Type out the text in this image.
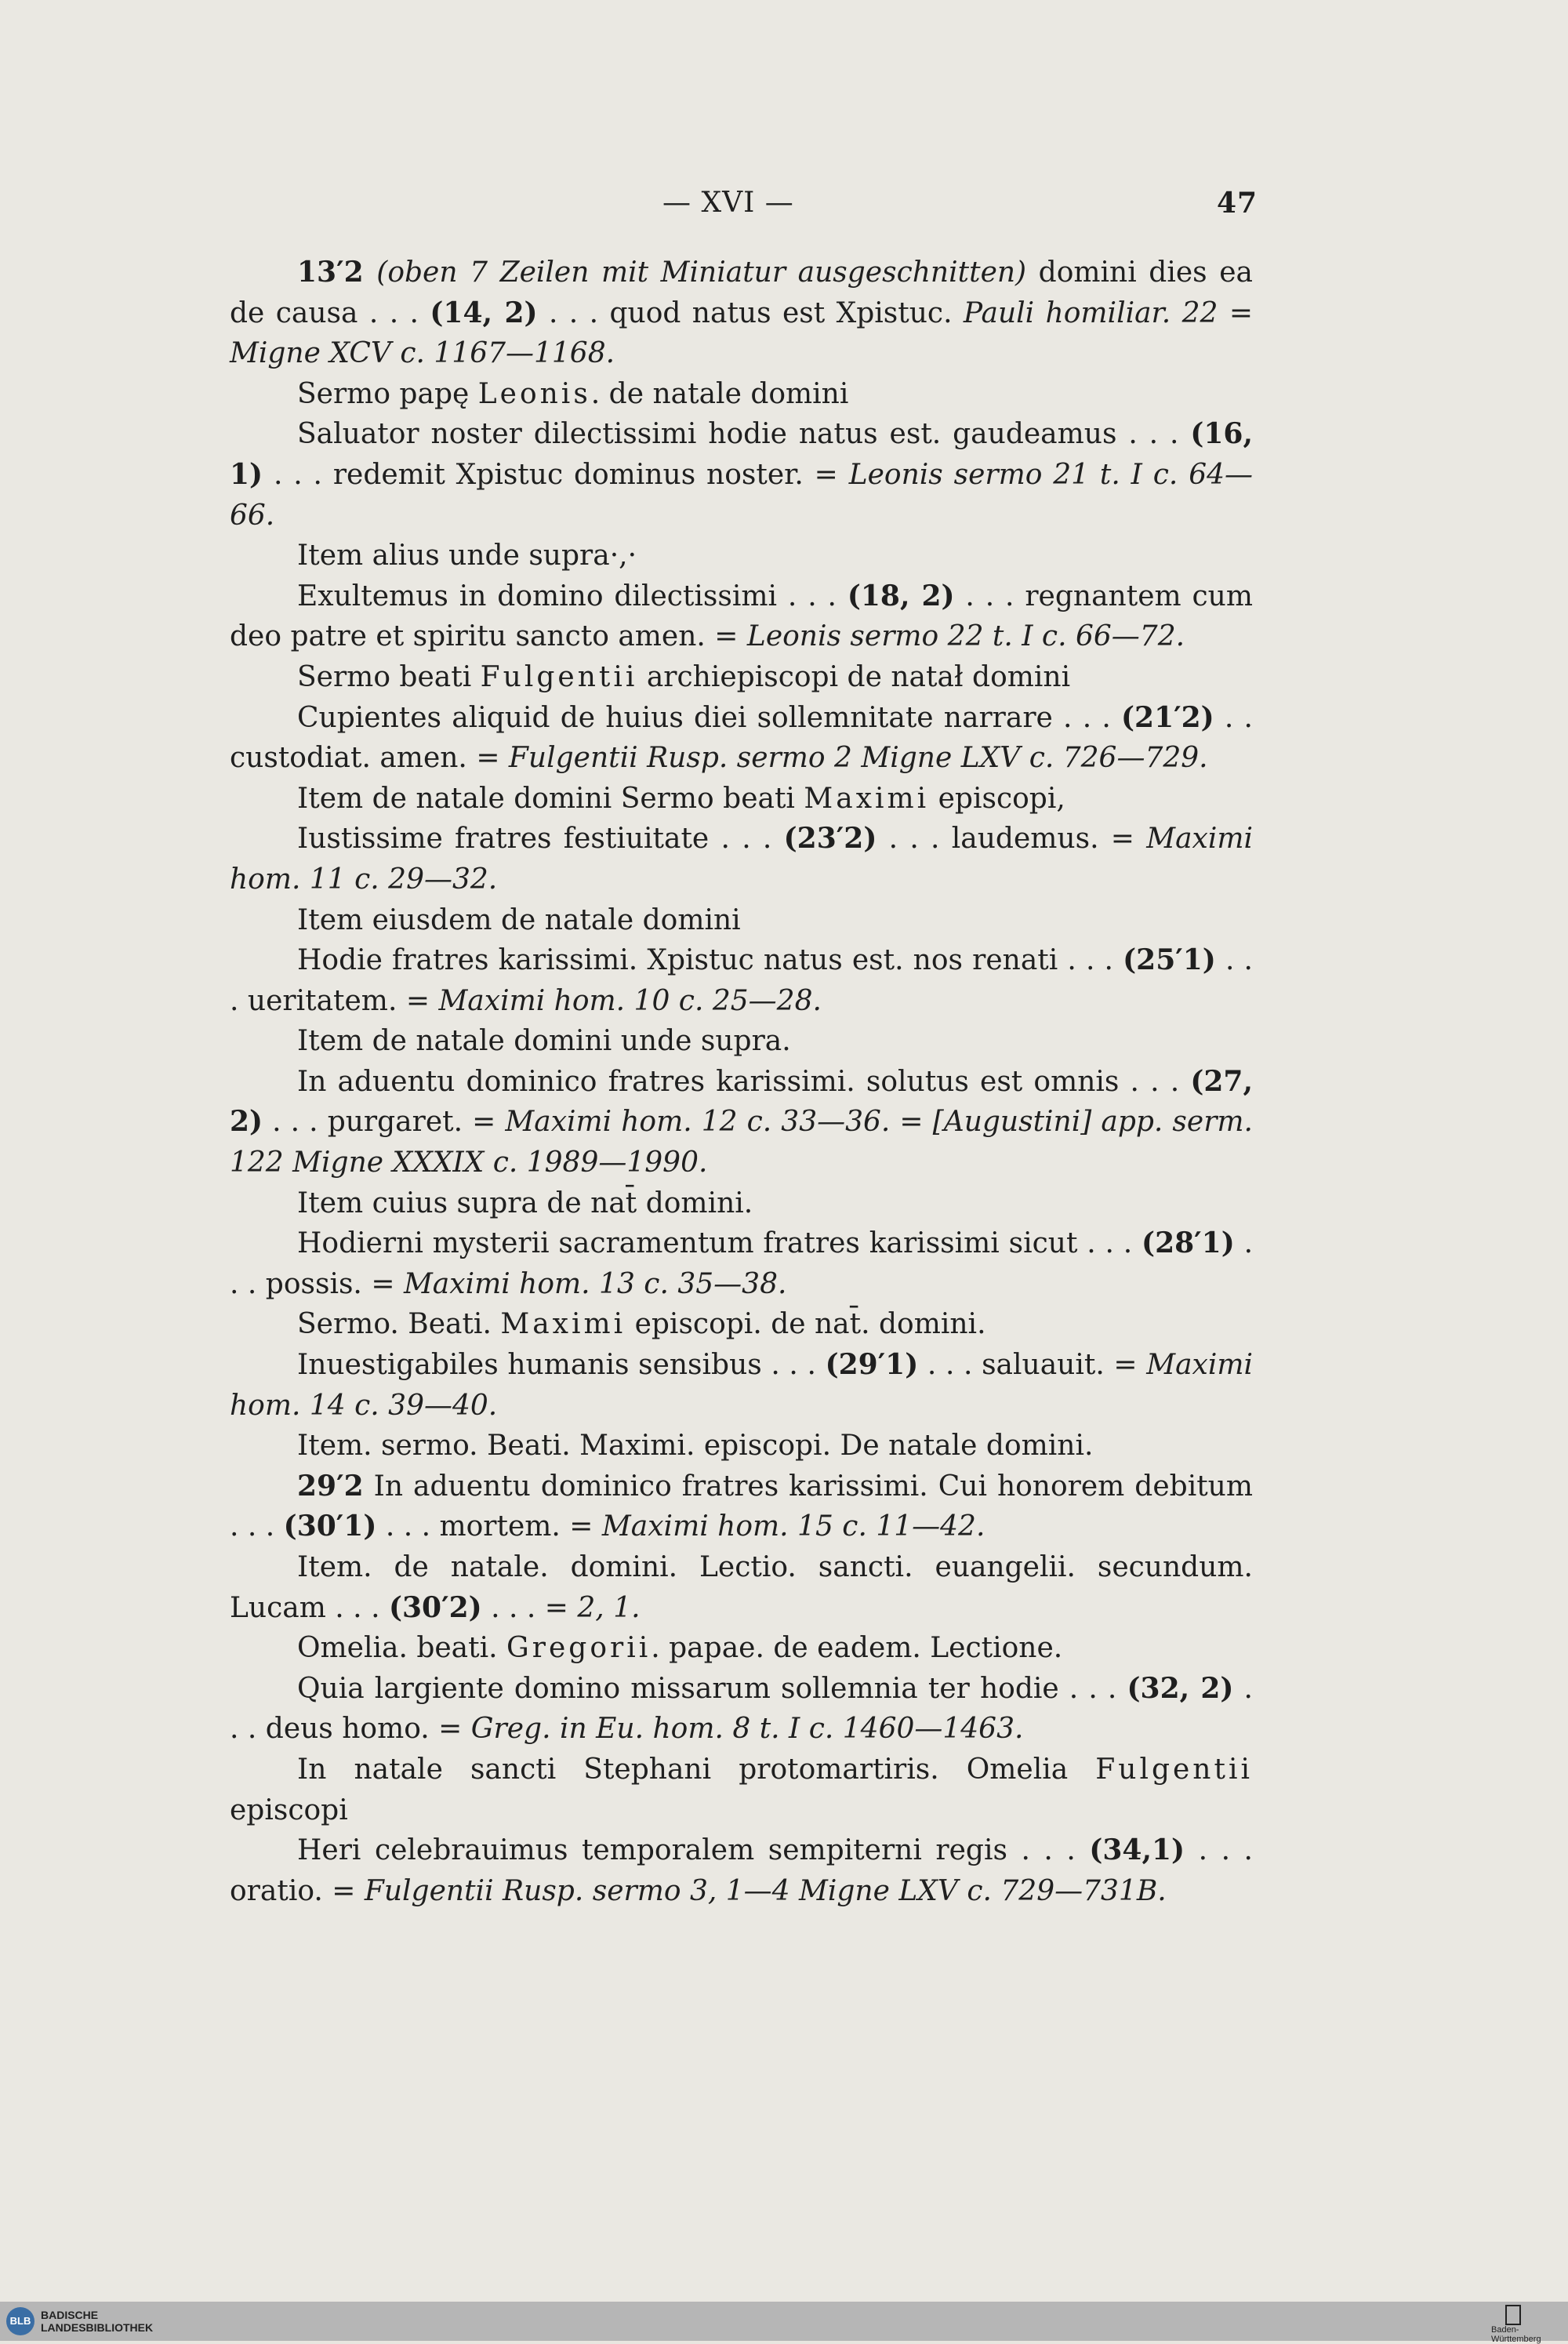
— XVI —	47

13′2 (oben 7 Zeilen mit Miniatur ausgeschnitten) domini dies ea de causa . . . (14, 2) . . . quod natus est Χpistuc. Pauli homiliar. 22 = Migne XCV c. 1167—1168.

Sermo papę Leonis. de natale domini

Saluator noster dilectissimi hodie natus est. gaudeamus . . . (16, 1) . . . redemit Χpistuc dominus noster. = Leonis sermo 21 t. I c. 64—66.

Item alius unde supra·,·

Exultemus in domino dilectissimi . . . (18, 2) . . . regnantem cum deo patre et spiritu sancto amen. = Leonis sermo 22 t. I c. 66—72.

Sermo beati Fulgentii archiepiscopi de natał domini

Cupientes aliquid de huius diei sollemnitate narrare . . . (21′2) . . custodiat. amen. = Fulgentii Rusp. sermo 2 Migne LXV c. 726—729.

Item de natale domini Sermo beati Maximi episcopi,

Iustissime fratres festiuitate . . . (23′2) . . . laudemus. = Maximi hom. 11 c. 29—32.

Item eiusdem de natale domini

Hodie fratres karissimi. Χpistuc natus est. nos renati . . . (25′1) . . . ueritatem. = Maximi hom. 10 c. 25—28.

Item de natale domini unde supra.

In aduentu dominico fratres karissimi. solutus est omnis . . . (27, 2) . . . purgaret. = Maximi hom. 12 c. 33—36. = [Augustini] app. serm. 122 Migne XXXIX c. 1989—1990.

Item cuius supra de nat̄ domini.

Hodierni mysterii sacramentum fratres karissimi sicut . . . (28′1) . . . possis. = Maximi hom. 13 c. 35—38.

Sermo. Beati. Maximi episcopi. de nat̄. domini.

Inuestigabiles humanis sensibus . . . (29′1) . . . saluauit. = Maximi hom. 14 c. 39—40.

Item. sermo. Beati. Maximi. episcopi. De natale domini.

29′2 In aduentu dominico fratres karissimi. Cui honorem debitum . . . (30′1) . . . mortem. = Maximi hom. 15 c. 11—42.

Item. de natale. domini. Lectio. sancti. euangelii. secundum. Lucam . . . (30′2) . . . = 2, 1.

Omelia. beati. Gregorii. papae. de eadem. Lectione.

Quia largiente domino missarum sollemnia ter hodie . . . (32, 2) . . . deus homo. = Greg. in Eu. hom. 8 t. I c. 1460—1463.

In natale sancti Stephani protomartiris. Omelia Fulgentii episcopi

Heri celebrauimus temporalem sempiterni regis . . . (34,1) . . . oratio. = Fulgentii Rusp. sermo 3, 1—4 Migne LXV c. 729—731B.

BLB BADISCHE
LANDESBIBLIOTHEK	Baden-Württemberg
